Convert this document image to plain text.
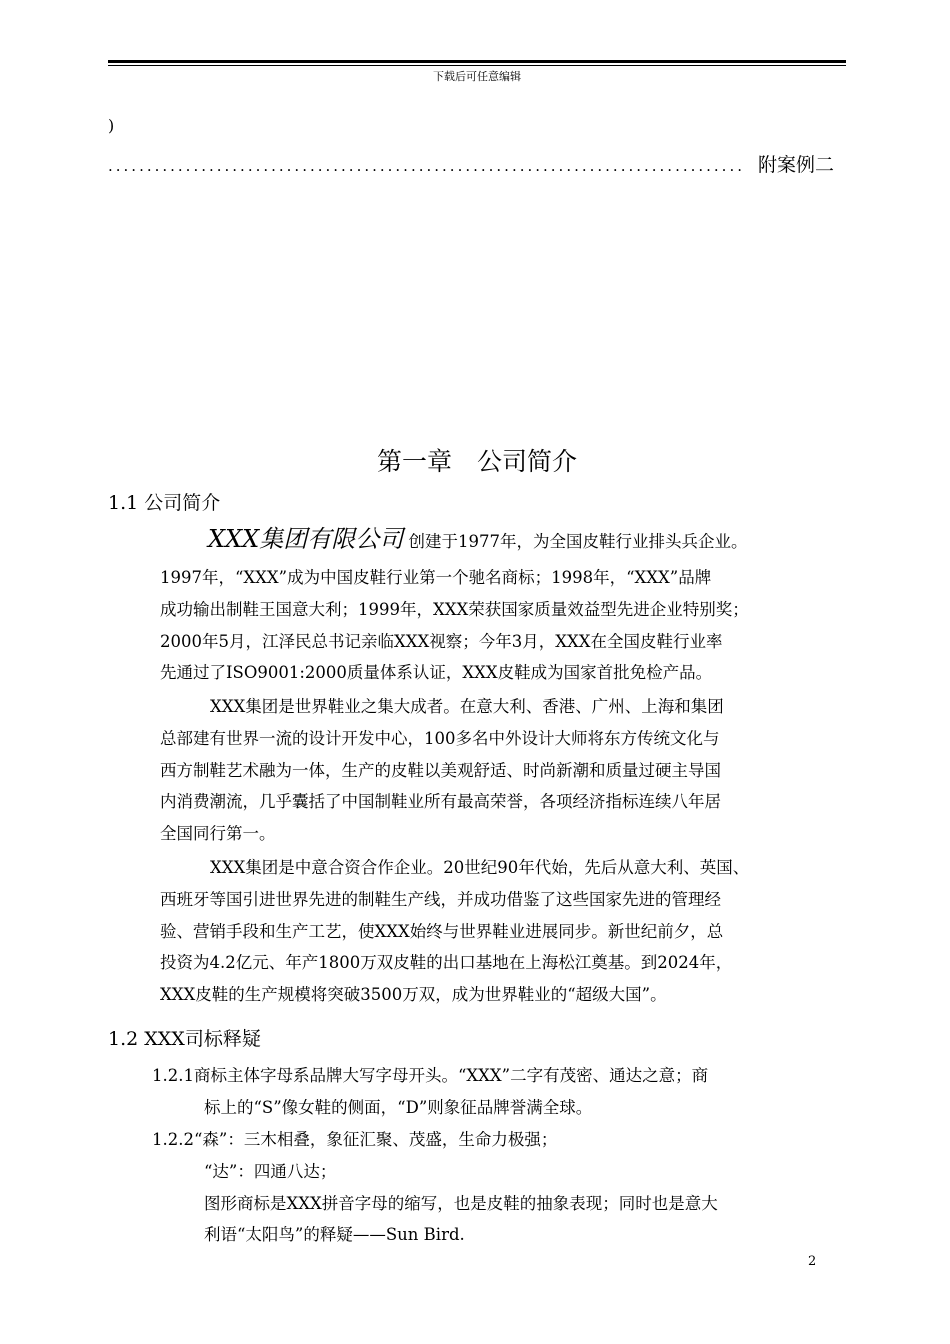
下载后可任意编辑
)
.................................................................................. 附案例二
第一章　公司简介
1.1 公司简介
XXX集团有限公司 创建于1977年，为全国皮鞋行业排头兵企业。
1997年，“XXX”成为中国皮鞋行业第一个驰名商标；1998年，“XXX”品牌
成功输出制鞋王国意大利；1999年，XXX荣获国家质量效益型先进企业特别奖；
2000年5月，江泽民总书记亲临XXX视察；今年3月，XXX在全国皮鞋行业率
先通过了ISO9001:2000质量体系认证，XXX皮鞋成为国家首批免检产品。
XXX集团是世界鞋业之集大成者。在意大利、香港、广州、上海和集团
总部建有世界一流的设计开发中心，100多名中外设计大师将东方传统文化与
西方制鞋艺术融为一体，生产的皮鞋以美观舒适、时尚新潮和质量过硬主导国
内消费潮流，几乎囊括了中国制鞋业所有最高荣誉，各项经济指标连续八年居
全国同行第一。
XXX集团是中意合资合作企业。20世纪90年代始，先后从意大利、英国、
西班牙等国引进世界先进的制鞋生产线，并成功借鉴了这些国家先进的管理经
验、营销手段和生产工艺，使XXX始终与世界鞋业进展同步。新世纪前夕，总
投资为4.2亿元、年产1800万双皮鞋的出口基地在上海松江奠基。到2024年，
XXX皮鞋的生产规模将突破3500万双，成为世界鞋业的“超级大国”。
1.2 XXX司标释疑
1.2.1商标主体字母系品牌大写字母开头。“XXX”二字有茂密、通达之意；商
标上的“S”像女鞋的侧面，“D”则象征品牌誉满全球。
1.2.2“森”：三木相叠，象征汇聚、茂盛，生命力极强；
“达”：四通八达；
图形商标是XXX拼音字母的缩写，也是皮鞋的抽象表现；同时也是意大
利语“太阳鸟”的释疑——Sun Bird.
2
